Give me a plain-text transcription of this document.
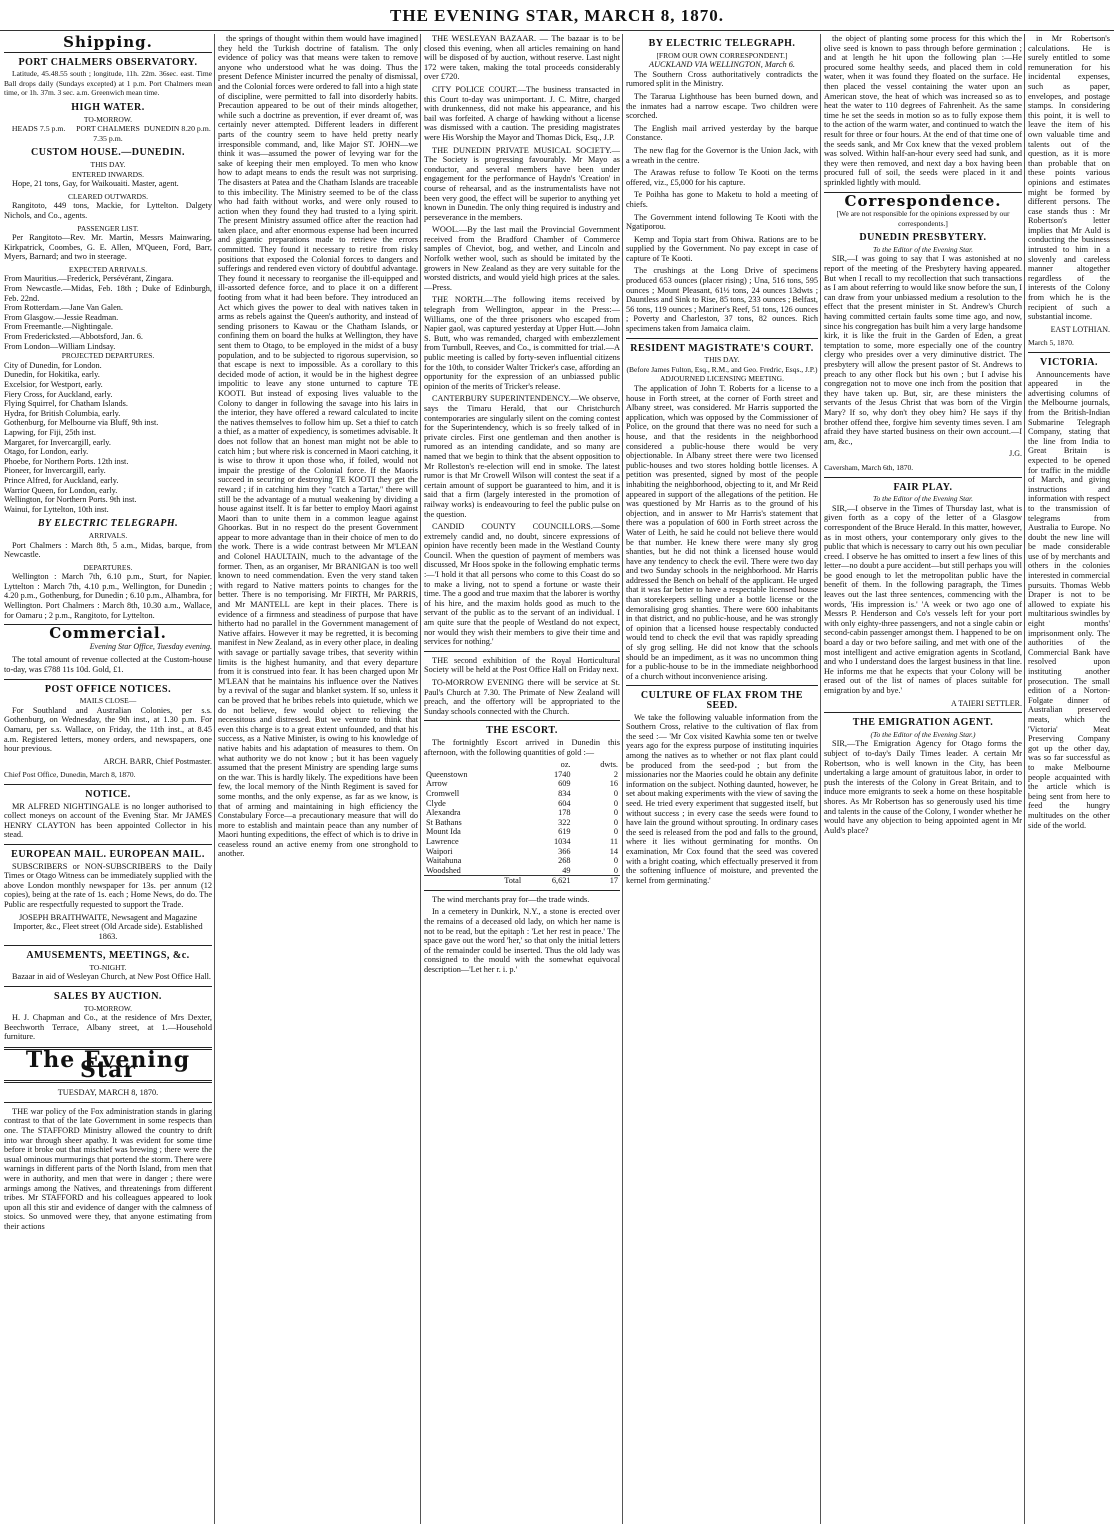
THE EVENING STAR, MARCH 8, 1870.
Shipping.
PORT CHALMERS OBSERVATORY.

Latitude, 45.48.55 south ; longitude, 11h. 22m. 36sec. east. Time Ball drops daily (Sundays excepted) at 1 p.m. Port Chalmers mean time, or 1h. 37m. 3 sec. a.m. Greenwich mean time.

HIGH WATER.
TO-MORROW.
HEADS 7.5 p.m.	PORT CHALMERS 7.35 p.m.
DUNEDIN 8.20 p.m.
CUSTOM HOUSE.—DUNEDIN.
THIS DAY.
ENTERED INWARDS.

Hope, 21 tons, Gay, for Waikouaiti. Master, agent.

CLEARED OUTWARDS.

Rangitoto, 449 tons, Mackie, for Lyttelton. Dalgety Nichols, and Co., agents.

PASSENGER LIST.

Per Rangitoto—Rev. Mr. Martin, Messrs Mainwaring, Kirkpatrick, Coombes, G. E. Allen, M'Queen, Ford, Barr, Myers, Barnard; and two in steerage.

EXPECTED ARRIVALS.
From Mauritius.—Frederick, Persévérant, Zingara.
From Newcastle.—Midas, Feb. 18th ; Duke of Edinburgh, Feb. 22nd.
From Rotterdam.—Jane Van Galen.
From Glasgow.—Jessie Readman.
From Freemantle.—Nightingale.
From Fredericksted.—Abbotsford, Jan. 6.
From London—William Lindsay.
PROJECTED DEPARTURES.
City of Dunedin, for London.
Dunedin, for Hokitika, early.
Excelsior, for Westport, early.
Fiery Cross, for Auckland, early.
Flying Squirrel, for Chatham Islands.
Hydra, for British Columbia, early.
Gothenburg, for Melbourne via Bluff, 9th inst.
Lapwing, for Fiji, 25th inst.
Margaret, for Invercargill, early.
Otago, for London, early.
Phoebe, for Northern Ports. 12th inst.
Pioneer, for Invercargill, early.
Prince Alfred, for Auckland, early.
Warrior Queen, for London, early.
Wellington, for Northern Ports. 9th inst.
Wainui, for Lyttelton, 10th inst.
BY ELECTRIC TELEGRAPH.
ARRIVALS.

Port Chalmers : March 8th, 5 a.m., Midas, barque, from Newcastle.

DEPARTURES.

Wellington : March 7th, 6.10 p.m., Sturt, for Napier. Lyttelton : March 7th, 4.10 p.m., Wellington, for Dunedin ; 4.20 p.m., Gothenburg, for Dunedin ; 6.10 p.m., Alhambra, for Wellington. Port Chalmers : March 8th, 10.30 a.m., Wallace, for Oamaru ; 2 p.m., Rangitoto, for Lyttelton.

Commercial.
Evening Star Office, Tuesday evening.

The total amount of revenue collected at the Custom-house to-day, was £788 11s 10d. Gold, £1.

POST OFFICE NOTICES.
MAILS CLOSE—

For Southland and Australian Colonies, per s.s. Gothenburg, on Wednesday, the 9th inst., at 1.30 p.m. For Oamaru, per s.s. Wallace, on Friday, the 11th inst., at 8.45 a.m. Registered letters, money orders, and newspapers, one hour previous.

ARCH. BARR, Chief Postmaster.
Chief Post Office, Dunedin, March 8, 1870.
NOTICE.

MR ALFRED NIGHTINGALE is no longer authorised to collect moneys on account of the Evening Star. Mr JAMES HENRY CLAYTON has been appointed Collector in his stead.

EUROPEAN MAIL. EUROPEAN MAIL.

SUBSCRIBERS or NON-SUBSCRIBERS to the Daily Times or Otago Witness can be immediately supplied with the above London monthly newspaper for 13s. per annum (12 copies), being at the rate of 1s. each ; Home News, do do. The Public are respectfully requested to support the Trade.

JOSEPH BRAITHWAITE, Newsagent and Magazine Importer, &c., Fleet street (Old Arcade side). Established 1863.
AMUSEMENTS, MEETINGS, &c.
TO-NIGHT.

Bazaar in aid of Wesleyan Church, at New Post Office Hall.

SALES BY AUCTION.
TO-MORROW.

H. J. Chapman and Co., at the residence of Mrs Dexter, Beechworth Terrace, Albany street, at 1.—Household furniture.

The Evening Star
TUESDAY, MARCH 8, 1870.

THE war policy of the Fox administration stands in glaring contrast to that of the late Government in some respects than one. The STAFFORD Ministry allowed the country to drift into war through sheer apathy. It was evident for some time before it broke out that mischief was brewing ; there were the usual ominous murmurings that portend the storm. There were warnings in different parts of the North Island, from men that were in authority, and men that were in danger ; there were armings among the Natives, and threatenings from different tribes. Mr STAFFORD and his colleagues appeared to look upon all this stir and evidence of danger with the calmness of stoics. So unmoved were they, that anyone estimating from their actions

the springs of thought within them would have imagined they held the Turkish doctrine of fatalism. The only evidence of policy was that means were taken to remove anyone who understood what he was doing. Thus the present Defence Minister incurred the penalty of dismissal, and the Colonial forces were ordered to fall into a high state of discipline, were permitted to fall into disorderly habits. Precaution appeared to be out of their minds altogether, while such a doctrine as prevention, if ever dreamt of, was certainly never attempted. Different leaders in different parts of the country seem to have held pretty nearly irresponsible command, and, like Major ST. JOHN—we think it was—assumed the power of levying war for the sake of keeping their men employed. To men who know how to adapt means to ends the result was not surprising. The disasters at Patea and the Chatham Islands are traceable to this imbecility. The Ministry seemed to be of the class who had faith without works, and were only roused to action when they found they had trusted to a lying spirit. The present Ministry assumed office after the reaction had taken place, and after enormous expense had been incurred and gigantic preparations made to retrieve the errors committed. They found it necessary to retire from risky positions that exposed the Colonial forces to dangers and sufferings and rendered even victory of doubtful advantage. They found it necessary to reorganise the ill-equipped and ill-assorted defence force, and to place it on a different footing from what it had been before. They introduced an Act which gives the power to deal with natives taken in arms as rebels against the Queen's authority, and instead of sending prisoners to Kawau or the Chatham Islands, or confining them on board the hulks at Wellington, they have sent them to Otago, to be employed in the midst of a busy population, and to be subjected to rigorous supervision, so that escape is next to impossible. As a corollary to this decided mode of action, it would be in the highest degree impolitic to leave any stone unturned to capture TE KOOTI. But instead of exposing lives valuable to the Colony to danger in following the savage into his lairs in the interior, they have offered a reward calculated to incite the natives themselves to follow him up. Set a thief to catch a thief, as a matter of expediency, is sometimes advisable. It does not follow that an honest man might not be able to catch him ; but where risk is concerned in Maori catching, it is wise to throw it upon those who, if foiled, would not impair the prestige of the Colonial force. If the Maoris succeed in securing or destroying TE KOOTI they get the reward ; if in catching him they "catch a Tartar," there will still be the advantage of a mutual weakening by dividing a house against itself. It is far better to employ Maori against Maori than to unite them in a common league against Ghoorkas. But in no respect do the present Government appear to more advantage than in their choice of men to do the work. There is a wide contrast between Mr M'LEAN and Colonel HAULTAIN, much to the advantage of the former. Then, as an organiser, Mr BRANIGAN is too well known to need commendation. Even the very stand taken with regard to Native matters points to changes for the better. There is no temporising. Mr FIRTH, Mr PARRIS, and Mr MANTELL are kept in their places. There is evidence of a firmness and steadiness of purpose that have hitherto had no parallel in the Government management of Native affairs. However it may be regretted, it is becoming manifest in New Zealand, as in every other place, in dealing with savage or partially savage tribes, that severity within limits is the highest humanity, and that every departure from it is construed into fear. It has been charged upon Mr M'LEAN that he maintains his influence over the Natives by a revival of the sugar and blanket system. If so, unless it can be proved that he bribes rebels into quietude, which we do not believe, few would object to relieving the necessitous and distressed. But we venture to think that even this charge is to a great extent unfounded, and that his success, as a Native Minister, is owing to his knowledge of native habits and his adaptation of measures to them. On what authority we do not know ; but it has been vaguely assumed that the present Ministry are spending large sums on the war. This is hardly likely. The expeditions have been few, the local memory of the Ninth Regiment is saved for some months, and the only expense, as far as we know, is that of arming and maintaining in high efficiency the Constabulary Force—a precautionary measure that will do more to establish and maintain peace than any number of Maori hunting expeditions, the effect of which is to drive in ceaseless round an active enemy from one stronghold to another.

THE WESLEYAN BAZAAR. — The bazaar is to be closed this evening, when all articles remaining on hand will be disposed of by auction, without reserve. Last night 172 were taken, making the total proceeds considerably over £720.

CITY POLICE COURT.—The business transacted in this Court to-day was unimportant. J. C. Mitre, charged with drunkenness, did not make his appearance, and his bail was forfeited. A charge of hawking without a license was dismissed with a caution. The presiding magistrates were His Worship the Mayor and Thomas Dick, Esq., J.P.

THE DUNEDIN PRIVATE MUSICAL SOCIETY.—The Society is progressing favourably. Mr Mayo as conductor, and several members have been under engagement for the performance of Haydn's 'Creation' in course of rehearsal, and as the instrumentalists have not been very good, the effect will be superior to anything yet known in Dunedin. The only thing required is industry and perseverance in the members.

WOOL.—By the last mail the Provincial Government received from the Bradford Chamber of Commerce samples of Cheviot, bog, and wether, and Lincoln and Norfolk wether wool, such as should be imitated by the growers in New Zealand as they are very suitable for the worsted districts, and would yield high prices at the sales.—Press.

THE NORTH.—The following items received by telegraph from Wellington, appear in the Press:—Williams, one of the three prisoners who escaped from Napier gaol, was captured yesterday at Upper Hutt.—John S. Butt, who was remanded, charged with embezzlement from Turnbull, Reeves, and Co., is committed for trial.—A public meeting is called by forty-seven influential citizens for the 10th, to consider Walter Tricker's case, affording an opportunity for the expression of an unbiassed public opinion of the merits of Tricker's release.

CANTERBURY SUPERINTENDENCY.—We observe, says the Timaru Herald, that our Christchurch contemporaries are singularly silent on the coming contest for the Superintendency, which is so freely talked of in private circles. First one gentleman and then another is rumored as an intending candidate, and so many are named that we begin to think that the absent opposition to Mr Rolleston's re-election will end in smoke. The latest rumor is that Mr Crowell Wilson will contest the seat if a certain amount of support be guaranteed to him, and it is said that a firm (largely interested in the promotion of railway works) is endeavouring to feel the public pulse on the question.

CANDID COUNTY COUNCILLORS.—Some extremely candid and, no doubt, sincere expressions of opinion have recently been made in the Westland County Council. When the question of payment of members was discussed, Mr Hoos spoke in the following emphatic terms :—'I hold it that all persons who come to this Coast do so to make a living, not to spend a fortune or waste their time. The a good and true maxim that the laborer is worthy of his hire, and the maxim holds good as much to the servant of the public as to the servant of an individual. I am quite sure that the people of Westland do not expect, nor would they wish their members to give their time and services for nothing.'

THE second exhibition of the Royal Horticultural Society will be held at the Post Office Hall on Friday next.

TO-MORROW EVENING there will be service at St. Paul's Church at 7.30. The Primate of New Zealand will preach, and the offertory will be appropriated to the Sunday schools connected with the Church.

THE ESCORT.

The fortnightly Escort arrived in Dunedin this afternoon, with the following quantities of gold :—

	oz.	dwts.
Queenstown	1740	2
Arrow	609	16
Cromwell	834	0
Clyde	604	0
Alexandra	178	0
St Bathans	322	0
Mount Ida	619	0
Lawrence	1034	11
Waipori	366	14
Waitahuna	268	0
Woodshed	49	0
Total	6,621	17

The wind merchants pray for—the trade winds.

In a cemetery in Dunkirk, N.Y., a stone is erected over the remains of a deceased old lady, on which her name is not to be read, but the epitaph : 'Let her rest in peace.' The space gave out the word 'her,' so that only the initial letters of the remainder could be inserted. Thus the old lady was consigned to the mould with the somewhat equivocal description—'Let her r. i. p.'

BY ELECTRIC TELEGRAPH.
[FROM OUR OWN CORRESPONDENT.]
AUCKLAND VIA WELLINGTON, March 6.

The Southern Cross authoritatively contradicts the rumored split in the Ministry.

The Tararua Lighthouse has been burned down, and the inmates had a narrow escape. Two children were scorched.

The English mail arrived yesterday by the barque Constance.

The new flag for the Governor is the Union Jack, with a wreath in the centre.

The Arawas refuse to follow Te Kooti on the terms offered, viz., £5,000 for his capture.

Te Poihha has gone to Maketu to hold a meeting of chiefs.

The Government intend following Te Kooti with the Ngatiporou.

Kemp and Topia start from Ohiwa. Rations are to be supplied by the Government. No pay except in case of capture of Te Kooti.

The crushings at the Long Drive of specimens produced 653 ounces (placer rising) ; Una, 516 tons, 595 ounces ; Mount Pleasant, 61½ tons, 24 ounces 13dwts ; Dauntless and Sink to Rise, 85 tons, 233 ounces ; Belfast, 56 tons, 119 ounces ; Mariner's Reef, 51 tons, 126 ounces ; Poverty and Charleston, 37 tons, 82 ounces. Rich specimens taken from Jamaica claim.

RESIDENT MAGISTRATE'S COURT.
THIS DAY.
(Before James Fulton, Esq., R.M., and Geo. Fredric, Esqs., J.P.)
ADJOURNED LICENSING MEETING.

The application of John T. Roberts for a license to a house in Forth street, at the corner of Forth street and Albany street, was considered. Mr Harris supported the application, which was opposed by the Commissioner of Police, on the ground that there was no need for such a house, and that the residents in the neighborhood considered a public-house there would be very objectionable. In Albany street there were two licensed public-houses and two stores holding bottle licenses. A petition was presented, signed by most of the people inhabiting the neighborhood, objecting to it, and Mr Reid appeared in support of the allegations of the petition. He was questioned by Mr Harris as to the ground of his objection, and in answer to Mr Harris's statement that there was a population of 600 in Forth street across the Water of Leith, he said he could not believe there would be that number. He knew there were many sly grog shanties, but he did not think a licensed house would have any tendency to check the evil. There were two day and two Sunday schools in the neighborhood. Mr Harris addressed the Bench on behalf of the applicant. He urged that it was far better to have a respectable licensed house than storekeepers selling under a bottle license or the demoralising grog shanties. There were 600 inhabitants in that district, and no public-house, and he was strongly of opinion that a licensed house respectably conducted would tend to check the evil that was rapidly spreading of sly grog selling. He did not know that the schools should be an impediment, as it was no uncommon thing for a public-house to be in the immediate neighborhood of a church without inconvenience arising.

CULTURE OF FLAX FROM THE SEED.

We take the following valuable information from the Southern Cross, relative to the cultivation of flax from the seed :— 'Mr Cox visited Kawhia some ten or twelve years ago for the express purpose of instituting inquiries among the natives as to whether or not flax plant could be produced from the seed-pod ; but from the missionaries nor the Maories could he obtain any definite information on the subject. Nothing daunted, however, he set about making experiments with the view of saving the seed. He tried every experiment that suggested itself, but without success ; in every case the seeds were found to have lain the ground without sprouting. In ordinary cases the seed is released from the pod and falls to the ground, where it lies without germinating for months. On examination, Mr Cox found that the seed was covered with a bright coating, which effectually preserved it from the softening influence of moisture, and prevented the kernel from germinating.'

the object of planting some process for this which the olive seed is known to pass through before germination ; and at length he hit upon the following plan :—He procured some healthy seeds, and placed them in cold water, when it was found they floated on the surface. He then placed the vessel containing the water upon an American stove, the heat of which was increased so as to heat the water to 110 degrees of Fahrenheit. As the same time he set the seeds in motion so as to fully expose them to the action of the warm water, and continued to watch the result for three or four hours. At the end of that time one of the seeds sank, and Mr Cox knew that the vexed problem was solved. Within half-an-hour every seed had sunk, and they were then removed, and next day a box having been procured full of soil, the seeds were placed in it and sprinkled lightly with mould.

Correspondence.
[We are not responsible for the opinions expressed by our correspondents.]
DUNEDIN PRESBYTERY.
To the Editor of the Evening Star.

SIR,—I was going to say that I was astonished at no report of the meeting of the Presbytery having appeared. But when I recall to my recollection that such transactions as I am about referring to would like snow before the sun, I can draw from your unbiassed medium a resolution to the effect that the present minister in St. Andrew's Church having committed certain faults some time ago, and now, since his congregation has built him a very large handsome kirk, it is like the fruit in the Garden of Eden, a great temptation to some, more especially one of the country clergy who presides over a very diminutive district. The presbytery will allow the present pastor of St. Andrews to preach to any other flock but his own ; but I advise his congregation not to move one inch from the position that they have taken up. But, sir, are these ministers the servants of the Jesus Christ that was born of the Virgin Mary? If so, why don't they obey him? He says if thy brother offend thee, forgive him seventy times seven. I am afraid they have started business on their own account.—I am, &c.,

J.G.
Caversham, March 6th, 1870.
FAIR PLAY.
To the Editor of the Evening Star.

SIR,—I observe in the Times of Thursday last, what is given forth as a copy of the letter of a Glasgow correspondent of the Bruce Herald. In this matter, however, as in most others, your contemporary only gives to the public that which is necessary to carry out his own peculiar creed. I observe he has omitted to insert a few lines of this letter—no doubt a pure accident—but still perhaps you will be good enough to let the metropolitan public have the benefit of them. In the following paragraph, the Times leaves out the last three sentences, commencing with the words, 'His impression is.' 'A week or two ago one of Messrs P. Henderson and Co's vessels left for your port with only eighty-three passengers, and not a single cabin or second-cabin passenger amongst them. I happened to be on board a day or two before sailing, and met with one of the most intelligent and active emigration agents in Scotland, and who I understand does the largest business in that line. He informs me that he expects that your Colony will be erased out of the list of names of places suitable for emigration by and bye.'

A TAIERI SETTLER.
THE EMIGRATION AGENT.
(To the Editor of the Evening Star.)

SIR,—The Emigration Agency for Otago forms the subject of to-day's Daily Times leader. A certain Mr Robertson, who is well known in the City, has been undertaking a large amount of gratuitous labor, in order to push the interests of the Colony in Great Britain, and to induce more emigrants to seek a home on these hospitable shores. As Mr Robertson has so generously used his time and talents in the cause of the Colony, I wonder whether he would have any objection to being appointed agent in Mr Auld's place?

in Mr Robertson's calculations. He is surely entitled to some remuneration for his incidental expenses, such as paper, envelopes, and postage stamps. In considering this point, it is well to leave the item of his own valuable time and talents out of the question, as it is more than probable that on these points various opinions and estimates might be formed by different persons. The case stands thus : Mr Robertson's letter implies that Mr Auld is conducting the business intrusted to him in a slovenly and careless manner altogether regardless of the interests of the Colony from which he is the recipient of such a substantial income.

EAST LOTHIAN.
March 5, 1870.
VICTORIA.

Announcements have appeared in the advertising columns of the Melbourne journals, from the British-Indian Submarine Telegraph Company, stating that the line from India to Great Britain is expected to be opened for traffic in the middle of March, and giving instructions and information with respect to the transmission of telegrams from Australia to Europe. No doubt the new line will be made considerable use of by merchants and others in the colonies interested in commercial pursuits. Thomas Webb Draper is not to be allowed to expiate his multitarious swindles by eight months' imprisonment only. The authorities of the Commercial Bank have resolved upon instituting another prosecution. The small edition of a Norton-Folgate dinner of Australian preserved meats, which the 'Victoria' Meat Preserving Company got up the other day, was so far successful as to make Melbourne people acquainted with the article which is being sent from here to feed the hungry multitudes on the other side of the world.
